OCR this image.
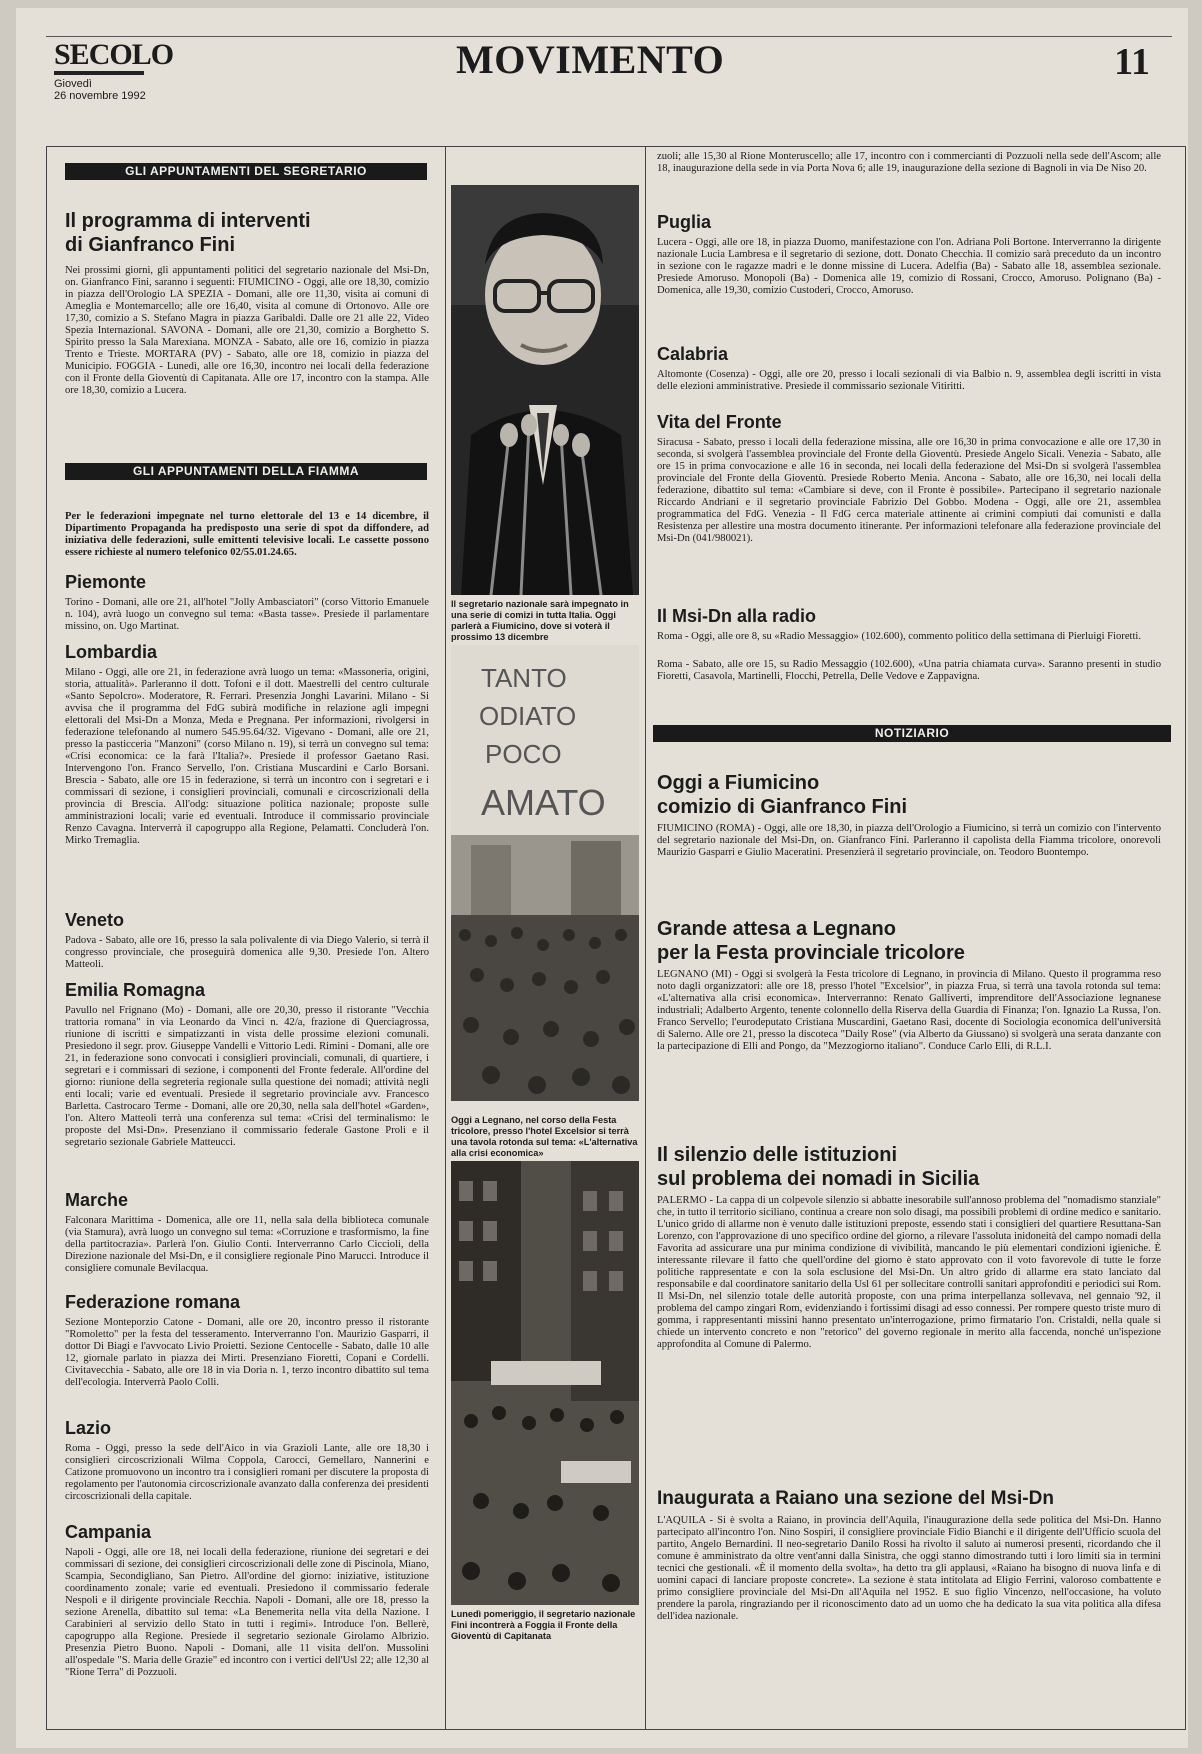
SECOLO
Giovedì
26 novembre 1992
MOVIMENTO	11
GLI APPUNTAMENTI DEL SEGRETARIO
Il programma di interventi
di Gianfranco Fini
Nei prossimi giorni, gli appuntamenti politici del segretario nazionale del Msi-Dn, on. Gianfranco Fini, saranno i seguenti: FIUMICINO - Oggi, alle ore 18,30, comizio in piazza dell'Orologio LA SPEZIA - Domani, alle ore 11,30, visita ai comuni di Ameglia e Montemarcello; alle ore 16,40, visita al comune di Ortonovo. Alle ore 17,30, comizio a S. Stefano Magra in piazza Garibaldi. Dalle ore 21 alle 22, Video Spezia Internazional. SAVONA - Domani, alle ore 21,30, comizio a Borghetto S. Spirito presso la Sala Marexiana. MONZA - Sabato, alle ore 16, comizio in piazza Trento e Trieste. MORTARA (PV) - Sabato, alle ore 18, comizio in piazza del Municipio. FOGGIA - Lunedì, alle ore 16,30, incontro nei locali della federazione con il Fronte della Gioventù di Capitanata. Alle ore 17, incontro con la stampa. Alle ore 18,30, comizio a Lucera.
GLI APPUNTAMENTI DELLA FIAMMA
Per le federazioni impegnate nel turno elettorale del 13 e 14 dicembre, il Dipartimento Propaganda ha predisposto una serie di spot da diffondere, ad iniziativa delle federazioni, sulle emittenti televisive locali. Le cassette possono essere richieste al numero telefonico 02/55.01.24.65.
Piemonte
Torino - Domani, alle ore 21, all'hotel "Jolly Ambasciatori" (corso Vittorio Emanuele n. 104), avrà luogo un convegno sul tema: «Basta tasse». Presiede il parlamentare missino, on. Ugo Martinat.
Lombardia
Milano - Oggi, alle ore 21, in federazione avrà luogo un tema: «Massoneria, origini, storia, attualità». Parleranno il dott. Tofoni e il dott. Maestrelli del centro culturale «Santo Sepolcro». Moderatore, R. Ferrari. Presenzia Jonghi Lavarini. Milano - Si avvisa che il programma del FdG subirà modifiche in relazione agli impegni elettorali del Msi-Dn a Monza, Meda e Pregnana. Per informazioni, rivolgersi in federazione telefonando al numero 545.95.64/32. Vigevano - Domani, alle ore 21, presso la pasticceria "Manzoni" (corso Milano n. 19), si terrà un convegno sul tema: «Crisi economica: ce la farà l'Italia?». Presiede il professor Gaetano Rasi. Intervengono l'on. Franco Servello, l'on. Cristiana Muscardini e Carlo Borsani. Brescia - Sabato, alle ore 15 in federazione, si terrà un incontro con i segretari e i commissari di sezione, i consiglieri provinciali, comunali e circoscrizionali della provincia di Brescia. All'odg: situazione politica nazionale; proposte sulle amministrazioni locali; varie ed eventuali. Introduce il commissario provinciale Renzo Cavagna. Interverrà il capogruppo alla Regione, Pelamatti. Concluderà l'on. Mirko Tremaglia.
Veneto
Padova - Sabato, alle ore 16, presso la sala polivalente di via Diego Valerio, si terrà il congresso provinciale, che proseguirà domenica alle 9,30. Presiede l'on. Altero Matteoli.
Emilia Romagna
Pavullo nel Frignano (Mo) - Domani, alle ore 20,30, presso il ristorante "Vecchia trattoria romana" in via Leonardo da Vinci n. 42/a, frazione di Querciagrossa, riunione di iscritti e simpatizzanti in vista delle prossime elezioni comunali. Presiedono il segr. prov. Giuseppe Vandelli e Vittorio Ledi. Rimini - Domani, alle ore 21, in federazione sono convocati i consiglieri provinciali, comunali, di quartiere, i segretari e i commissari di sezione, i componenti del Fronte federale. All'ordine del giorno: riunione della segreteria regionale sulla questione dei nomadi; attività negli enti locali; varie ed eventuali. Presiede il segretario provinciale avv. Francesco Barletta. Castrocaro Terme - Domani, alle ore 20,30, nella sala dell'hotel «Garden», l'on. Altero Matteoli terrà una conferenza sul tema: «Crisi del terminalismo: le proposte del Msi-Dn». Presenziano il commissario federale Gastone Proli e il segretario sezionale Gabriele Matteucci.
Marche
Falconara Marittima - Domenica, alle ore 11, nella sala della biblioteca comunale (via Stamura), avrà luogo un convegno sul tema: «Corruzione e trasformismo, la fine della partitocrazia». Parlerà l'on. Giulio Conti. Interverranno Carlo Ciccioli, della Direzione nazionale del Msi-Dn, e il consigliere regionale Pino Marucci. Introduce il consigliere comunale Bevilacqua.
Federazione romana
Sezione Monteporzio Catone - Domani, alle ore 20, incontro presso il ristorante "Romoletto" per la festa del tesseramento. Interverranno l'on. Maurizio Gasparri, il dottor Di Biagi e l'avvocato Livio Proietti. Sezione Centocelle - Sabato, dalle 10 alle 12, giornale parlato in piazza dei Mirti. Presenziano Fioretti, Copani e Cordelli. Civitavecchia - Sabato, alle ore 18 in via Doria n. 1, terzo incontro dibattito sul tema dell'ecologia. Interverrà Paolo Colli.
Lazio
Roma - Oggi, presso la sede dell'Aico in via Grazioli Lante, alle ore 18,30 i consiglieri circoscrizionali Wilma Coppola, Carocci, Gemellaro, Nannerini e Catizone promuovono un incontro tra i consiglieri romani per discutere la proposta di regolamento per l'autonomia circoscrizionale avanzato dalla conferenza dei presidenti circoscrizionali della capitale.
Campania
Napoli - Oggi, alle ore 18, nei locali della federazione, riunione dei segretari e dei commissari di sezione, dei consiglieri circoscrizionali delle zone di Piscinola, Miano, Scampia, Secondigliano, San Pietro. All'ordine del giorno: iniziative, istituzione coordinamento zonale; varie ed eventuali. Presiedono il commissario federale Nespoli e il dirigente provinciale Recchia. Napoli - Domani, alle ore 18, presso la sezione Arenella, dibattito sul tema: «La Benemerita nella vita della Nazione. I Carabinieri al servizio dello Stato in tutti i regimi». Introduce l'on. Bellerè, capogruppo alla Regione. Presiede il segretario sezionale Girolamo Albrizio. Presenzia Pietro Buono. Napoli - Domani, alle 11 visita dell'on. Mussolini all'ospedale "S. Maria delle Grazie" ed incontro con i vertici dell'Usl 22; alle 12,30 al "Rione Terra" di Pozzuoli.
Il segretario nazionale sarà impegnato in una serie di comizi in tutta Italia. Oggi parlerà a Fiumicino, dove si voterà il prossimo 13 dicembre
TANTO
ODIATO
POCO
AMATO
Oggi a Legnano, nel corso della Festa tricolore, presso l'hotel Excelsior si terrà una tavola rotonda sul tema: «L'alternativa alla crisi economica»
Lunedì pomeriggio, il segretario nazionale Fini incontrerà a Foggia il Fronte della Gioventù di Capitanata
zuoli; alle 15,30 al Rione Monteruscello; alle 17, incontro con i commercianti di Pozzuoli nella sede dell'Ascom; alle 18, inaugurazione della sede in via Porta Nova 6; alle 19, inaugurazione della sezione di Bagnoli in via De Niso 20.
Puglia
Lucera - Oggi, alle ore 18, in piazza Duomo, manifestazione con l'on. Adriana Poli Bortone. Interverranno la dirigente nazionale Lucia Lambresa e il segretario di sezione, dott. Donato Checchia. Il comizio sarà preceduto da un incontro in sezione con le ragazze madri e le donne missine di Lucera. Adelfia (Ba) - Sabato alle 18, assemblea sezionale. Presiede Amoruso. Monopoli (Ba) - Domenica alle 19, comizio di Rossani, Crocco, Amoruso. Polignano (Ba) - Domenica, alle 19,30, comizio Custoderi, Crocco, Amoruso.
Calabria
Altomonte (Cosenza) - Oggi, alle ore 20, presso i locali sezionali di via Balbio n. 9, assemblea degli iscritti in vista delle elezioni amministrative. Presiede il commissario sezionale Vitiritti.
Vita del Fronte
Siracusa - Sabato, presso i locali della federazione missina, alle ore 16,30 in prima convocazione e alle ore 17,30 in seconda, si svolgerà l'assemblea provinciale del Fronte della Gioventù. Presiede Angelo Sicali. Venezia - Sabato, alle ore 15 in prima convocazione e alle 16 in seconda, nei locali della federazione del Msi-Dn si svolgerà l'assemblea provinciale del Fronte della Gioventù. Presiede Roberto Menia. Ancona - Sabato, alle ore 16,30, nei locali della federazione, dibattito sul tema: «Cambiare si deve, con il Fronte è possibile». Partecipano il segretario nazionale Riccardo Andriani e il segretario provinciale Fabrizio Del Gobbo. Modena - Oggi, alle ore 21, assemblea programmatica del FdG. Venezia - Il FdG cerca materiale attinente ai crimini compiuti dai comunisti e dalla Resistenza per allestire una mostra documento itinerante. Per informazioni telefonare alla federazione provinciale del Msi-Dn (041/980021).
Il Msi-Dn alla radio
Roma - Oggi, alle ore 8, su «Radio Messaggio» (102.600), commento politico della settimana di Pierluigi Fioretti.
Roma - Sabato, alle ore 15, su Radio Messaggio (102.600), «Una patria chiamata curva». Saranno presenti in studio Fioretti, Casavola, Martinelli, Flocchi, Petrella, Delle Vedove e Zappavigna.
NOTIZIARIO
Oggi a Fiumicino
comizio di Gianfranco Fini
FIUMICINO (ROMA) - Oggi, alle ore 18,30, in piazza dell'Orologio a Fiumicino, si terrà un comizio con l'intervento del segretario nazionale del Msi-Dn, on. Gianfranco Fini. Parleranno il capolista della Fiamma tricolore, onorevoli Maurizio Gasparri e Giulio Maceratini. Presenzierà il segretario provinciale, on. Teodoro Buontempo.
Grande attesa a Legnano
per la Festa provinciale tricolore
LEGNANO (MI) - Oggi si svolgerà la Festa tricolore di Legnano, in provincia di Milano. Questo il programma reso noto dagli organizzatori: alle ore 18, presso l'hotel "Excelsior", in piazza Frua, si terrà una tavola rotonda sul tema: «L'alternativa alla crisi economica». Interverranno: Renato Galliverti, imprenditore dell'Associazione legnanese industriali; Adalberto Argento, tenente colonnello della Riserva della Guardia di Finanza; l'on. Ignazio La Russa, l'on. Franco Servello; l'eurodeputato Cristiana Muscardini, Gaetano Rasi, docente di Sociologia economica dell'università di Salerno. Alle ore 21, presso la discoteca "Daily Rose" (via Alberto da Giussano) si svolgerà una serata danzante con la partecipazione di Elli and Pongo, da "Mezzogiorno italiano". Conduce Carlo Elli, di R.L.I.
Il silenzio delle istituzioni
sul problema dei nomadi in Sicilia
PALERMO - La cappa di un colpevole silenzio si abbatte inesorabile sull'annoso problema del "nomadismo stanziale" che, in tutto il territorio siciliano, continua a creare non solo disagi, ma possibili problemi di ordine medico e sanitario. L'unico grido di allarme non è venuto dalle istituzioni preposte, essendo stati i consiglieri del quartiere Resuttana-San Lorenzo, con l'approvazione di uno specifico ordine del giorno, a rilevare l'assoluta inidoneità del campo nomadi della Favorita ad assicurare una pur minima condizione di vivibilità, mancando le più elementari condizioni igieniche. È interessante rilevare il fatto che quell'ordine del giorno è stato approvato con il voto favorevole di tutte le forze politiche rappresentate e con la sola esclusione del Msi-Dn. Un altro grido di allarme era stato lanciato dal responsabile e dal coordinatore sanitario della Usl 61 per sollecitare controlli sanitari approfonditi e periodici sui Rom. Il Msi-Dn, nel silenzio totale delle autorità proposte, con una prima interpellanza sollevava, nel gennaio '92, il problema del campo zingari Rom, evidenziando i fortissimi disagi ad esso connessi. Per rompere questo triste muro di gomma, i rappresentanti missini hanno presentato un'interrogazione, primo firmatario l'on. Cristaldi, nella quale si chiede un intervento concreto e non "retorico" del governo regionale in merito alla faccenda, nonché un'ispezione approfondita al Comune di Palermo.
Inaugurata a Raiano una sezione del Msi-Dn
L'AQUILA - Si è svolta a Raiano, in provincia dell'Aquila, l'inaugurazione della sede politica del Msi-Dn. Hanno partecipato all'incontro l'on. Nino Sospiri, il consigliere provinciale Fidio Bianchi e il dirigente dell'Ufficio scuola del partito, Angelo Bernardini. Il neo-segretario Danilo Rossi ha rivolto il saluto ai numerosi presenti, ricordando che il comune è amministrato da oltre vent'anni dalla Sinistra, che oggi stanno dimostrando tutti i loro limiti sia in termini tecnici che gestionali. «È il momento della svolta», ha detto tra gli applausi, «Raiano ha bisogno di nuova linfa e di uomini capaci di lanciare proposte concrete». La sezione è stata intitolata ad Eligio Ferrini, valoroso combattente e primo consigliere provinciale del Msi-Dn all'Aquila nel 1952. E suo figlio Vincenzo, nell'occasione, ha voluto prendere la parola, ringraziando per il riconoscimento dato ad un uomo che ha dedicato la sua vita politica alla difesa dell'idea nazionale.
